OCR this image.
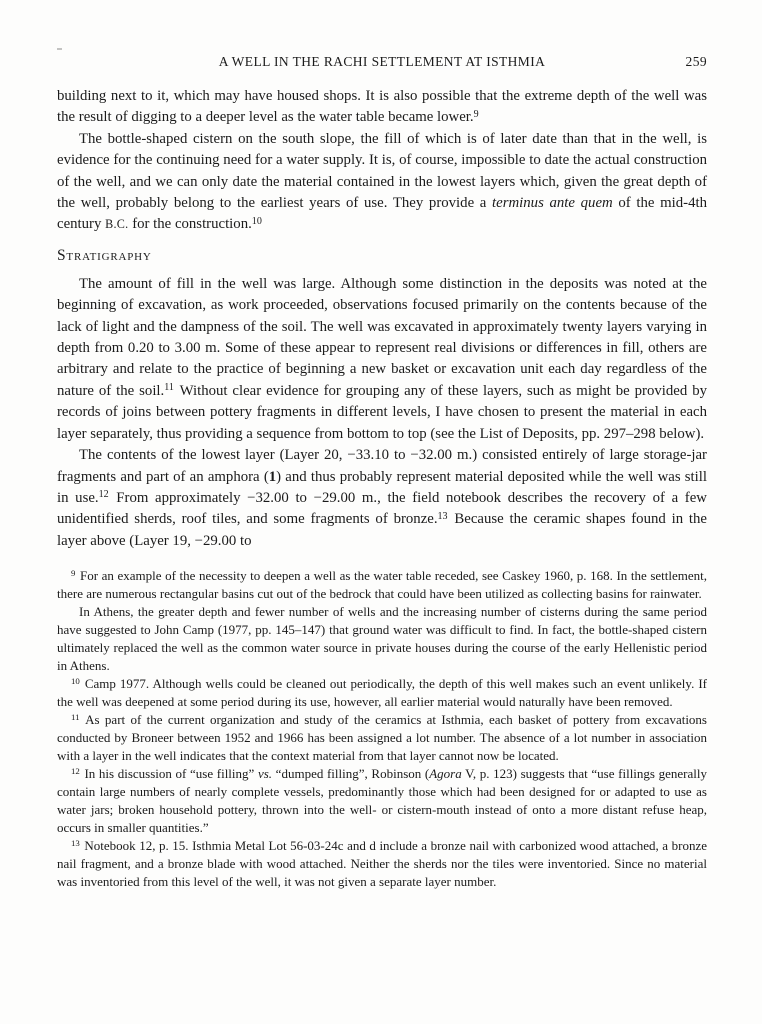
A WELL IN THE RACHI SETTLEMENT AT ISTHMIA	259

building next to it, which may have housed shops. It is also possible that the extreme depth of the well was the result of digging to a deeper level as the water table became lower.$^9$

The bottle-shaped cistern on the south slope, the fill of which is of later date than that in the well, is evidence for the continuing need for a water supply. It is, of course, impossible to date the actual construction of the well, and we can only date the material contained in the lowest layers which, given the great depth of the well, probably belong to the earliest years of use. They provide a terminus ante quem of the mid-4th century B.C. for the construction.$^{10}$

Stratigraphy

The amount of fill in the well was large. Although some distinction in the deposits was noted at the beginning of excavation, as work proceeded, observations focused primarily on the contents because of the lack of light and the dampness of the soil. The well was excavated in approximately twenty layers varying in depth from 0.20 to 3.00 m. Some of these appear to represent real divisions or differences in fill, others are arbitrary and relate to the practice of beginning a new basket or excavation unit each day regardless of the nature of the soil.$^{11}$ Without clear evidence for grouping any of these layers, such as might be provided by records of joins between pottery fragments in different levels, I have chosen to present the material in each layer separately, thus providing a sequence from bottom to top (see the List of Deposits, pp. 297–298 below).

The contents of the lowest layer (Layer 20, −33.10 to −32.00 m.) consisted entirely of large storage-jar fragments and part of an amphora (1) and thus probably represent material deposited while the well was still in use.$^{12}$ From approximately −32.00 to −29.00 m., the field notebook describes the recovery of a few unidentified sherds, roof tiles, and some fragments of bronze.$^{13}$ Because the ceramic shapes found in the layer above (Layer 19, −29.00 to

$^9$ For an example of the necessity to deepen a well as the water table receded, see Caskey 1960, p. 168. In the settlement, there are numerous rectangular basins cut out of the bedrock that could have been utilized as collecting basins for rainwater.

In Athens, the greater depth and fewer number of wells and the increasing number of cisterns during the same period have suggested to John Camp (1977, pp. 145–147) that ground water was difficult to find. In fact, the bottle-shaped cistern ultimately replaced the well as the common water source in private houses during the course of the early Hellenistic period in Athens.

$^{10}$ Camp 1977. Although wells could be cleaned out periodically, the depth of this well makes such an event unlikely. If the well was deepened at some period during its use, however, all earlier material would naturally have been removed.

$^{11}$ As part of the current organization and study of the ceramics at Isthmia, each basket of pottery from excavations conducted by Broneer between 1952 and 1966 has been assigned a lot number. The absence of a lot number in association with a layer in the well indicates that the context material from that layer cannot now be located.

$^{12}$ In his discussion of “use filling” vs. “dumped filling”, Robinson (Agora V, p. 123) suggests that “use fillings generally contain large numbers of nearly complete vessels, predominantly those which had been designed for or adapted to use as water jars; broken household pottery, thrown into the well- or cistern-mouth instead of onto a more distant refuse heap, occurs in smaller quantities.”

$^{13}$ Notebook 12, p. 15. Isthmia Metal Lot 56-03-24c and d include a bronze nail with carbonized wood attached, a bronze nail fragment, and a bronze blade with wood attached. Neither the sherds nor the tiles were inventoried. Since no material was inventoried from this level of the well, it was not given a separate layer number.
